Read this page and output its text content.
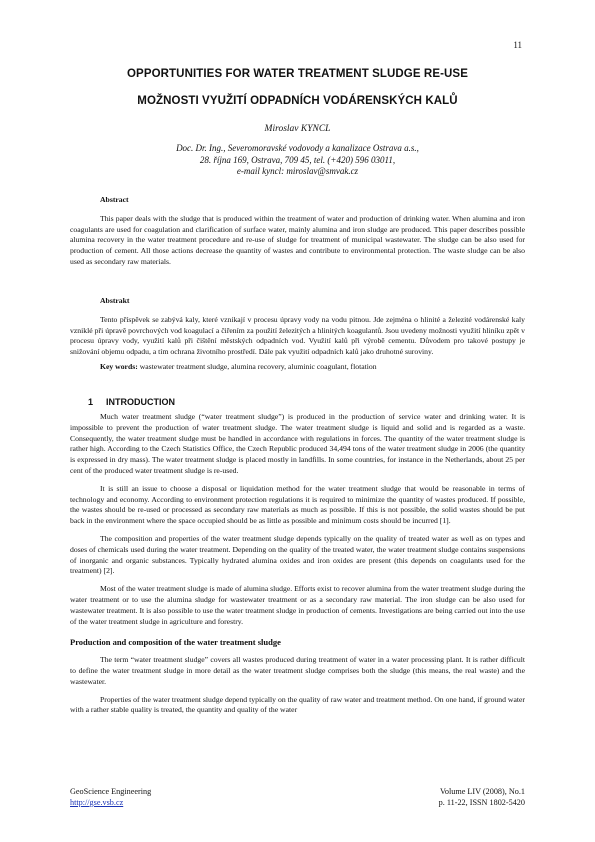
11
OPPORTUNITIES FOR WATER TREATMENT SLUDGE RE-USE
MOŽNOSTI VYUŽITÍ ODPADNÍCH VODÁRENSKÝCH KALŮ
Miroslav KYNCL
Doc. Dr. Ing., Severomoravské vodovody a kanalizace Ostrava a.s.,
28. října 169, Ostrava, 709 45, tel. (+420) 596 03011,
e-mail kyncl: miroslav@smvak.cz
Abstract

This paper deals with the sludge that is produced within the treatment of water and production of drinking water. When alumina and iron coagulants are used for coagulation and clarification of surface water, mainly alumina and iron sludge are produced. This paper describes possible alumina recovery in the water treatment procedure and re-use of sludge for treatment of municipal wastewater. The sludge can be also used for production of cement. All those actions decrease the quantity of wastes and contribute to environmental protection. The waste sludge can be also used as secondary raw materials.

Abstrakt

Tento příspěvek se zabývá kaly, které vznikají v procesu úpravy vody na vodu pitnou. Jde zejména o hlinité a železité vodárenské kaly vzniklé při úpravě povrchových vod koagulací a čiřením za použití železitých a hlinitých koagulantů. Jsou uvedeny možnosti využití hliníku zpět v procesu úpravy vody, využití kalů při čištění městských odpadních vod. Využití kalů při výrobě cementu. Důvodem pro takové postupy je snižování objemu odpadu, a tím ochrana životního prostředí. Dále pak využití odpadních kalů jako druhotné suroviny.

Key words: wastewater treatment sludge, alumina recovery, aluminic coagulant, flotation
1 INTRODUCTION

Much water treatment sludge (“water treatment sludge”) is produced in the production of service water and drinking water. It is impossible to prevent the production of water treatment sludge. The water treatment sludge is liquid and solid and is regarded as a waste. Consequently, the water treatment sludge must be handled in accordance with regulations in forces. The quantity of the water treatment sludge is rather high. According to the Czech Statistics Office, the Czech Republic produced 34,494 tons of the water treatment sludge in 2006 (the quantity is expressed in dry mass). The water treatment sludge is placed mostly in landfills. In some countries, for instance in the Netherlands, about 25 per cent of the produced water treatment sludge is re-used.

It is still an issue to choose a disposal or liquidation method for the water treatment sludge that would be reasonable in terms of technology and economy. According to environment protection regulations it is required to minimize the quantity of wastes produced. If possible, the wastes should be re-used or processed as secondary raw materials as much as possible. If this is not possible, the solid wastes should be put back in the environment where the space occupied should be as little as possible and minimum costs should be incurred [1].

The composition and properties of the water treatment sludge depends typically on the quality of treated water as well as on types and doses of chemicals used during the water treatment. Depending on the quality of the treated water, the water treatment sludge contains suspensions of inorganic and organic substances. Typically hydrated alumina oxides and iron oxides are present (this depends on coagulants used for the treatment) [2].

Most of the water treatment sludge is made of alumina sludge. Efforts exist to recover alumina from the water treatment sludge during the water treatment or to use the alumina sludge for wastewater treatment or as a secondary raw material. The iron sludge can be also used for wastewater treatment. It is also possible to use the water treatment sludge in production of cements. Investigations are being carried out into the use of the water treatment sludge in agriculture and forestry.

Production and composition of the water treatment sludge

The term “water treatment sludge” covers all wastes produced during treatment of water in a water processing plant. It is rather difficult to define the water treatment sludge in more detail as the water treatment sludge comprises both the sludge (this means, the real waste) and the wastewater.

Properties of the water treatment sludge depend typically on the quality of raw water and treatment method. On one hand, if ground water with a rather stable quality is treated, the quantity and quality of the water

GeoScience Engineering
http://gse.vsb.cz
Volume LIV (2008), No.1
p. 11-22, ISSN 1802-5420
